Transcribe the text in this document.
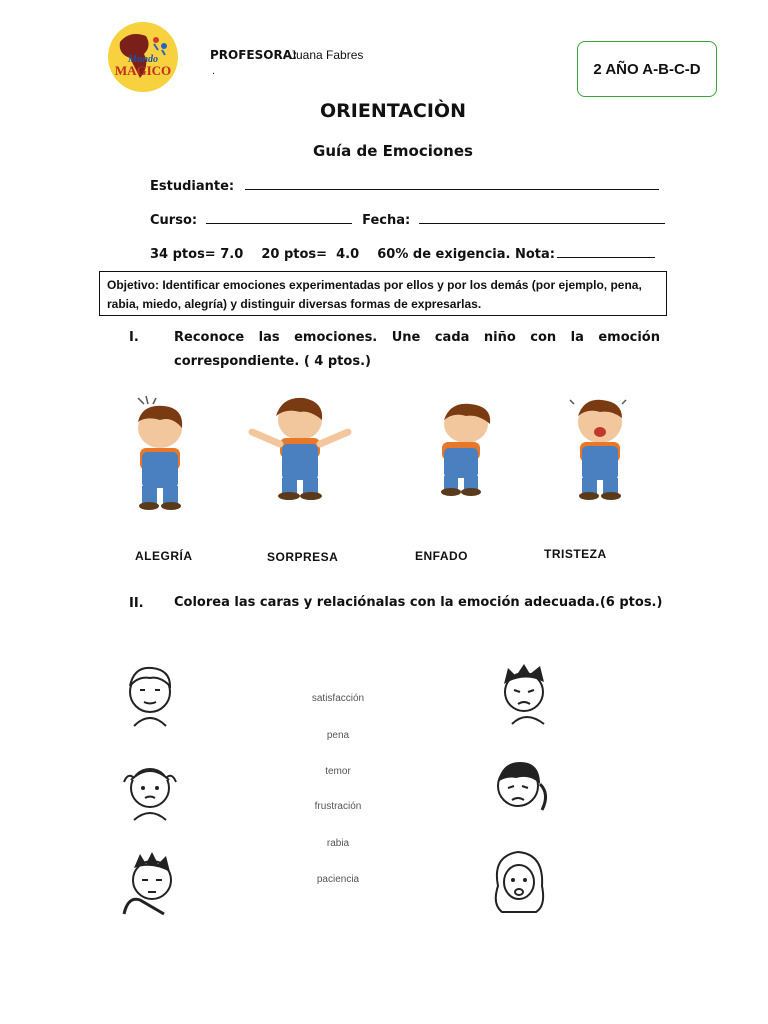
Mundo
MAGICO
PROFESORA:
Juana Fabres
.	2 AÑO A-B-C-D
ORIENTACIÒN
Guía de Emociones
Estudiante:
Curso:	Fecha:
34 ptos= 7.0    20 ptos=  4.0    60% de exigencia. Nota:
Objetivo: Identificar emociones experimentadas por ellos y por los demás (por ejemplo, pena, rabia, miedo, alegría) y distinguir diversas formas de expresarlas.
I.	Reconoce las emociones. Une cada niño con la emoción
correspondiente. ( 4 ptos.)
ALEGRÍA	SORPRESA	ENFADO	TRISTEZA
II. Colorea las caras y relaciónalas con la emoción adecuada.(6 ptos.)
satisfacción
pena
temor
frustración
rabia
paciencia
